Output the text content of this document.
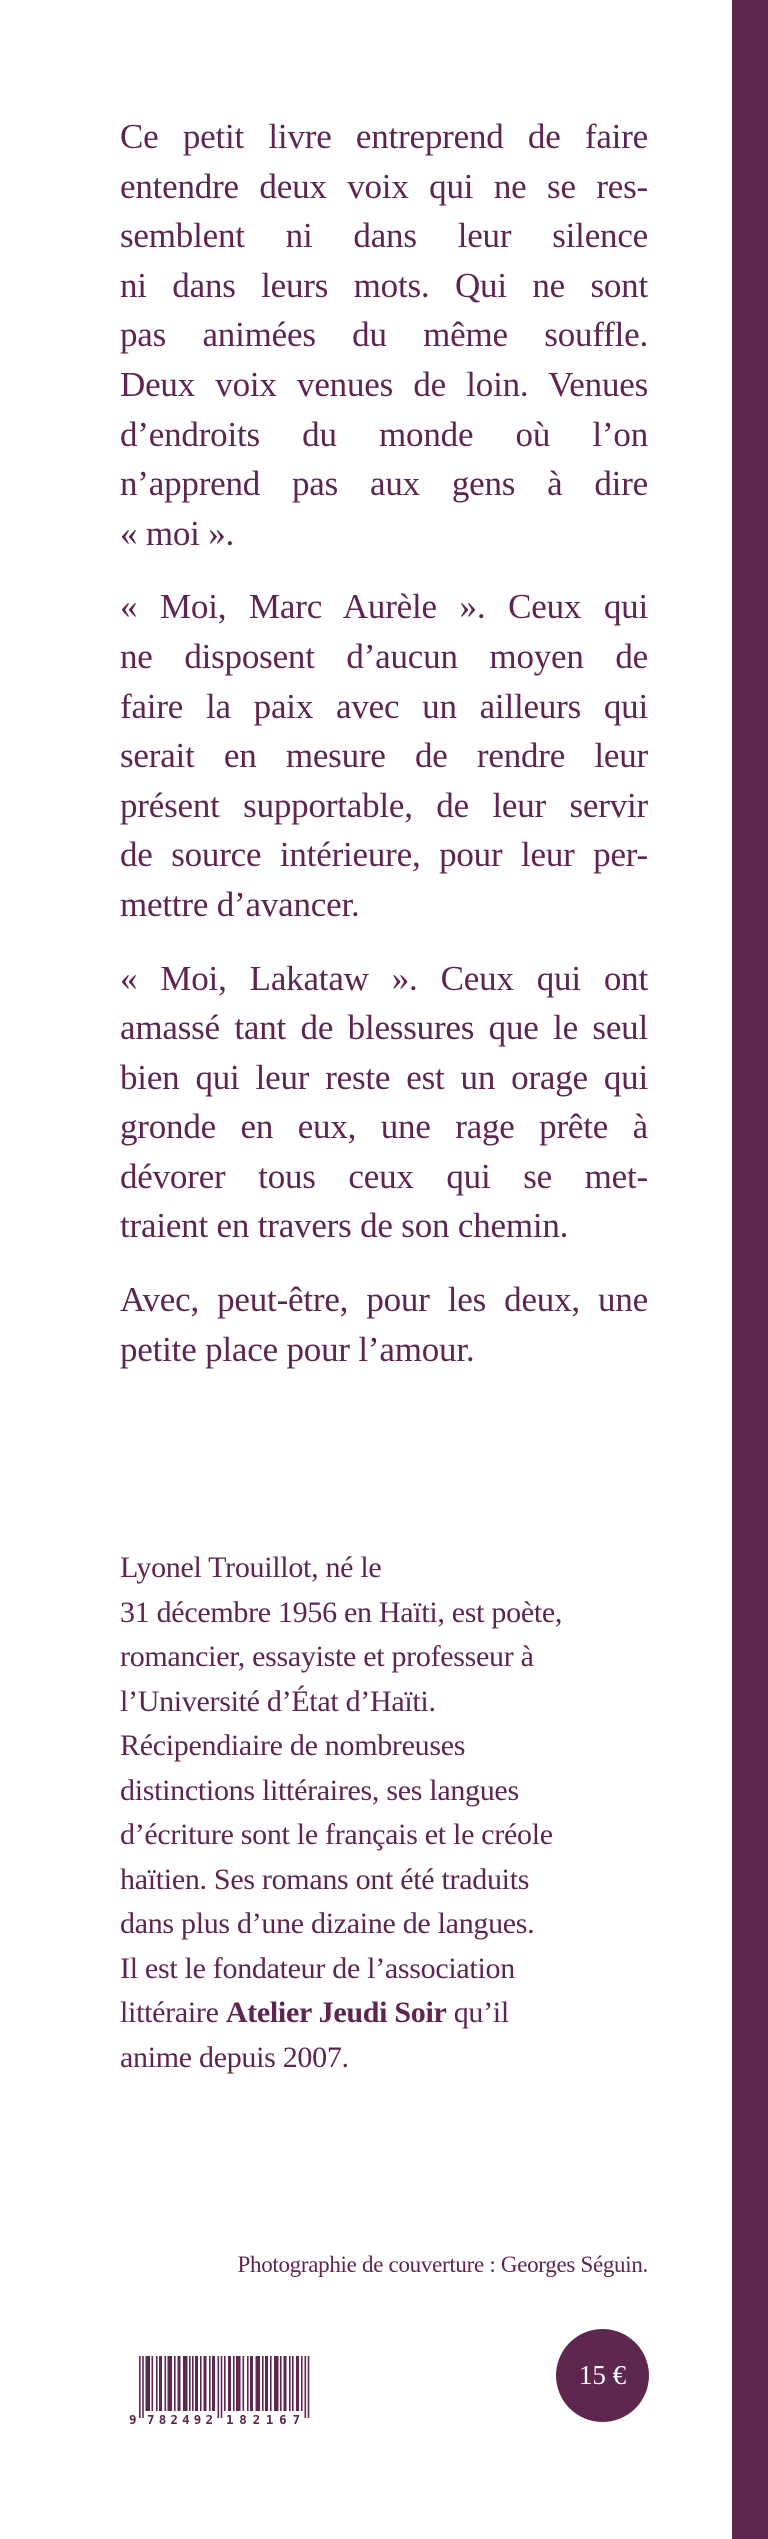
Ce petit livre entreprend de faire
entendre deux voix qui ne se res-
semblent ni dans leur silence
ni dans leurs mots. Qui ne sont
pas animées du même souffle.
Deux voix venues de loin. Venues
d’endroits du monde où l’on
n’apprend pas aux gens à dire
« moi ».

« Moi, Marc Aurèle ». Ceux qui
ne disposent d’aucun moyen de
faire la paix avec un ailleurs qui
serait en mesure de rendre leur
présent supportable, de leur servir
de source intérieure, pour leur per-
mettre d’avancer.

« Moi, Lakataw ». Ceux qui ont
amassé tant de blessures que le seul
bien qui leur reste est un orage qui
gronde en eux, une rage prête à
dévorer tous ceux qui se met-
traient en travers de son chemin.

Avec, peut-être, pour les deux, une
petite place pour l’amour.

Lyonel Trouillot, né le
31 décembre 1956 en Haïti, est poète,
romancier, essayiste et professeur à
l’Université d’État d’Haïti.
Récipendiaire de nombreuses
distinctions littéraires, ses langues
d’écriture sont le français et le créole
haïtien. Ses romans ont été traduits
dans plus d’une dizaine de langues.
Il est le fondateur de l’association
littéraire Atelier Jeudi Soir qu’il
anime depuis 2007.
Photographie de couverture : Georges Séguin.
9 782492 182167
15 €
